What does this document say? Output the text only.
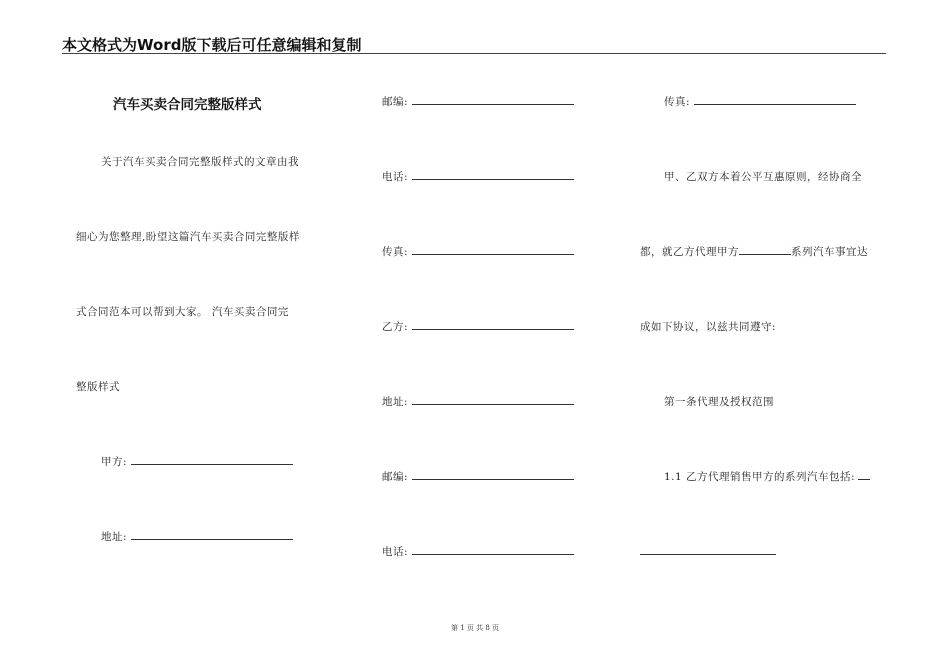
本文格式为Word版下载后可任意编辑和复制
汽车买卖合同完整版样式
关于汽车买卖合同完整版样式的文章由我
细心为您整理,盼望这篇汽车买卖合同完整版样
式合同范本可以帮到大家。 汽车买卖合同完
整版样式
甲方:
地址:
邮编:
电话:
传真:
乙方:
地址:
邮编:
电话:
传真:
甲、乙双方本着公平互惠原则，经协商全
都，就乙方代理甲方	系列汽车事宜达
成如下协议，以兹共同遵守:
第一条代理及授权范围
1.1 乙方代理销售甲方的系列汽车包括:
第 1 页 共 8 页
